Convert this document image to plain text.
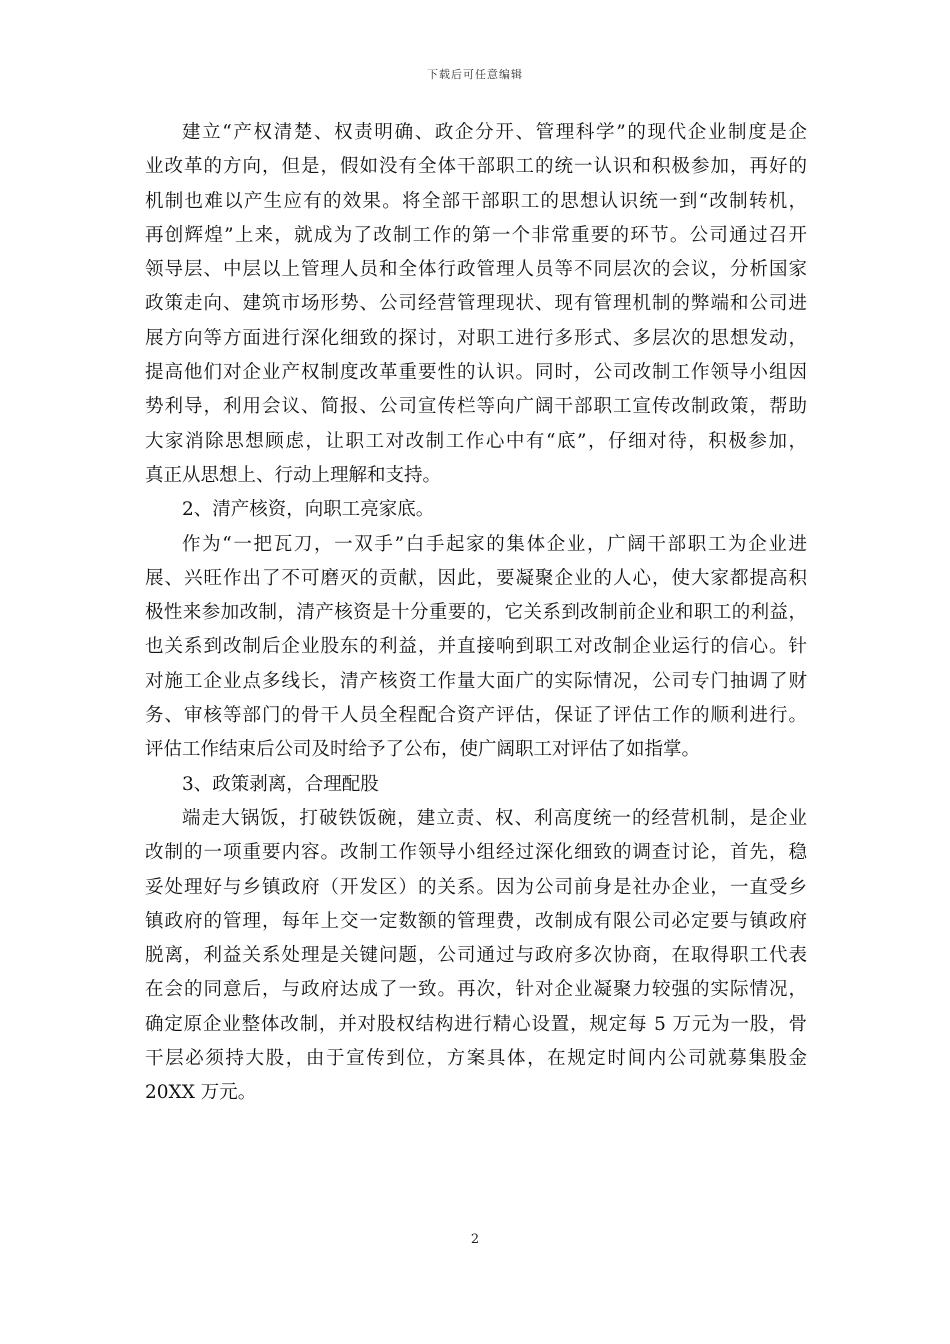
下载后可任意编辑
建立“产权清楚、权责明确、政企分开、管理科学”的现代企业制度是企
业改革的方向，但是，假如没有全体干部职工的统一认识和积极参加，再好的
机制也难以产生应有的效果。将全部干部职工的思想认识统一到“改制转机，
再创辉煌”上来，就成为了改制工作的第一个非常重要的环节。公司通过召开
领导层、中层以上管理人员和全体行政管理人员等不同层次的会议，分析国家
政策走向、建筑市场形势、公司经营管理现状、现有管理机制的弊端和公司进
展方向等方面进行深化细致的探讨，对职工进行多形式、多层次的思想发动，
提高他们对企业产权制度改革重要性的认识。同时，公司改制工作领导小组因
势利导，利用会议、简报、公司宣传栏等向广阔干部职工宣传改制政策，帮助
大家消除思想顾虑，让职工对改制工作心中有“底”，仔细对待，积极参加，
真正从思想上、行动上理解和支持。
2、清产核资，向职工亮家底。
作为“一把瓦刀，一双手”白手起家的集体企业，广阔干部职工为企业进
展、兴旺作出了不可磨灭的贡献，因此，要凝聚企业的人心，使大家都提高积
极性来参加改制，清产核资是十分重要的，它关系到改制前企业和职工的利益，
也关系到改制后企业股东的利益，并直接响到职工对改制企业运行的信心。针
对施工企业点多线长，清产核资工作量大面广的实际情况，公司专门抽调了财
务、审核等部门的骨干人员全程配合资产评估，保证了评估工作的顺利进行。
评估工作结束后公司及时给予了公布，使广阔职工对评估了如指掌。
3、政策剥离，合理配股
端走大锅饭，打破铁饭碗，建立责、权、利高度统一的经营机制，是企业
改制的一项重要内容。改制工作领导小组经过深化细致的调查讨论，首先，稳
妥处理好与乡镇政府（开发区）的关系。因为公司前身是社办企业，一直受乡
镇政府的管理，每年上交一定数额的管理费，改制成有限公司必定要与镇政府
脱离，利益关系处理是关键问题，公司通过与政府多次协商，在取得职工代表
在会的同意后，与政府达成了一致。再次，针对企业凝聚力较强的实际情况，
确定原企业整体改制，并对股权结构进行精心设置，规定每 5 万元为一股，骨
干层必须持大股，由于宣传到位，方案具体，在规定时间内公司就募集股金
20XX 万元。
2
